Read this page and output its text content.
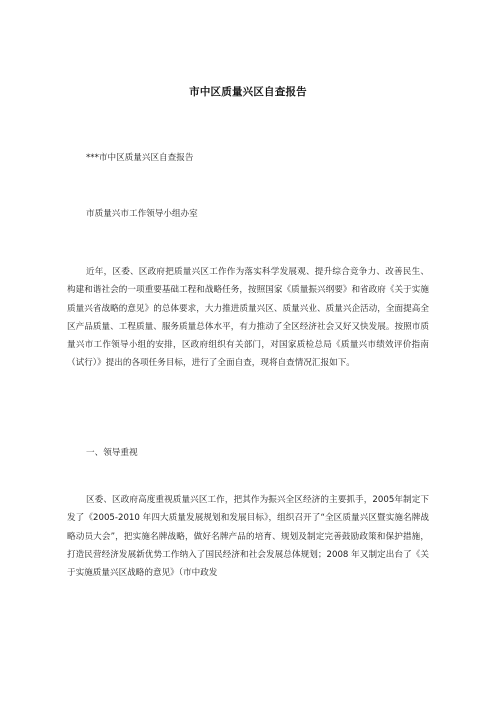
市中区质量兴区自查报告
***市中区质量兴区自查报告
市质量兴市工作领导小组办室

近年，区委、区政府把质量兴区工作作为落实科学发展观、提升综合竞争力、改善民生、构建和谐社会的一项重要基础工程和战略任务，按照国家《质量振兴纲要》和省政府《关于实施质量兴省战略的意见》的总体要求，大力推进质量兴区、质量兴业、质量兴企活动，全面提高全区产品质量、工程质量、服务质量总体水平，有力推动了全区经济社会又好又快发展。按照市质量兴市工作领导小组的安排，区政府组织有关部门，对国家质检总局《质量兴市绩效评价指南（试行）》提出的各项任务目标，进行了全面自查，现将自查情况汇报如下。

一、领导重视

区委、区政府高度重视质量兴区工作，把其作为振兴全区经济的主要抓手，2005年制定下发了《2005-2010 年四大质量发展规划和发展目标》，组织召开了“全区质量兴区暨实施名牌战略动员大会”，把实施名牌战略，做好名牌产品的培育、规划及制定完善鼓励政策和保护措施，打造民营经济发展新优势工作纳入了国民经济和社会发展总体规划；2008 年又制定出台了《关于实施质量兴区战略的意见》（市中政发
